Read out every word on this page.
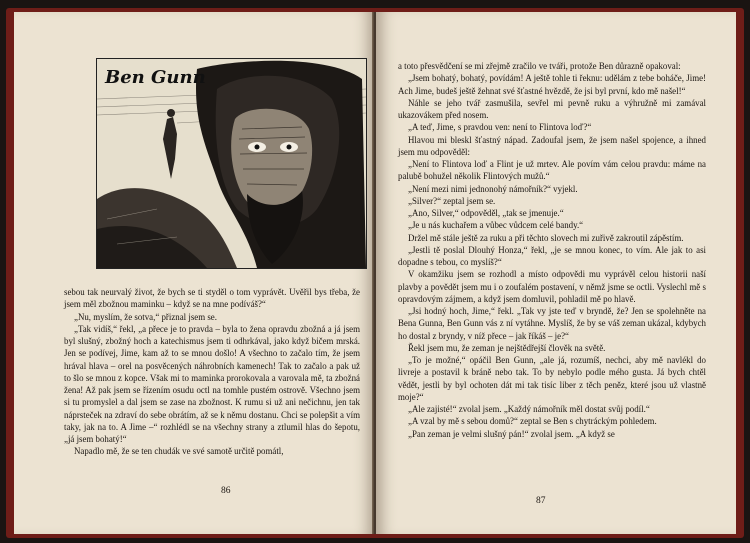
Ben Gunn

sebou tak neurvalý život, že bych se ti styděl o tom vyprávět. Uvěřil bys třeba, že jsem měl zbožnou maminku – když se na mne podíváš?“

„Nu, myslím, že sotva,“ přiznal jsem se.

„Tak vidíš,“ řekl, „a přece je to pravda – byla to žena opravdu zbožná a já jsem byl slušný, zbožný hoch a katechismus jsem ti odhrkával, jako když bičem mrská. Jen se podívej, Jime, kam až to se mnou došlo! A všechno to začalo tím, že jsem hrával hlava – orel na posvěcených náhrobních kamenech! Tak to začalo a pak už to šlo se mnou z kopce. Však mi to maminka prorokovala a varovala mě, ta zbožná žena! Až pak jsem se řízením osudu octl na tomhle pustém ostrově. Všechno jsem si tu promyslel a dal jsem se zase na zbožnost. K rumu si už ani nečichnu, jen tak náprsteček na zdraví do sebe obrátím, až se k němu dostanu. Chci se polepšit a vím taky, jak na to. A Jime –“ rozhlédl se na všechny strany a ztlumil hlas do šepotu, „já jsem bohatý!“

Napadlo mě, že se ten chudák ve své samotě určitě pomátl,

86

a toto přesvědčení se mi zřejmě zračilo ve tváři, protože Ben důrazně opakoval:

„Jsem bohatý, bohatý, povídám! A ještě tohle ti řeknu: udělám z tebe boháče, Jime! Ach Jime, budeš ještě žehnat své šťastné hvězdě, že jsi byl první, kdo mě našel!“

Náhle se jeho tvář zasmušila, sevřel mi pevně ruku a výhružně mi zamával ukazovákem před nosem.

„A teď, Jime, s pravdou ven: není to Flintova loď?“

Hlavou mi bleskl šťastný nápad. Zadoufal jsem, že jsem našel spojence, a ihned jsem mu odpověděl:

„Není to Flintova loď a Flint je už mrtev. Ale povím vám celou pravdu: máme na palubě bohužel několik Flintových mužů.“

„Není mezi nimi jednonohý námořník?“ vyjekl.

„Silver?“ zeptal jsem se.

„Ano, Silver,“ odpověděl, „tak se jmenuje.“

„Je u nás kuchařem a vůbec vůdcem celé bandy.“

Držel mě stále ještě za ruku a při těchto slovech mi zuřivě zakroutil zápěstím.

„Jestli tě poslal Dlouhý Honza,“ řekl, „je se mnou konec, to vím. Ale jak to asi dopadne s tebou, co myslíš?“

V okamžiku jsem se rozhodl a místo odpovědi mu vyprávěl celou historii naší plavby a povědět jsem mu i o zoufalém postavení, v němž jsme se octli. Vyslechl mě s opravdovým zájmem, a když jsem domluvil, pohladil mě po hlavě.

„Jsi hodný hoch, Jime,“ řekl. „Tak vy jste teď v bryndě, že? Jen se spolehněte na Bena Gunna, Ben Gunn vás z ní vytáhne. Myslíš, že by se váš zeman ukázal, kdybych ho dostal z bryndy, v níž přece – jak říkáš – je?“

Řekl jsem mu, že zeman je nejštědřejší člověk na světě.

„To je možné,“ opáčil Ben Gunn, „ale já, rozumíš, nechci, aby mě navlékl do livreje a postavil k bráně nebo tak. To by nebylo podle mého gusta. Já bych chtěl vědět, jestli by byl ochoten dát mi tak tisíc liber z těch peněz, které jsou už vlastně moje?“

„Ale zajisté!“ zvolal jsem. „Každý námořník měl dostat svůj podíl.“

„A vzal by mě s sebou domů?“ zeptal se Ben s chytráckým pohledem.

„Pan zeman je velmi slušný pán!“ zvolal jsem. „A když se

87
